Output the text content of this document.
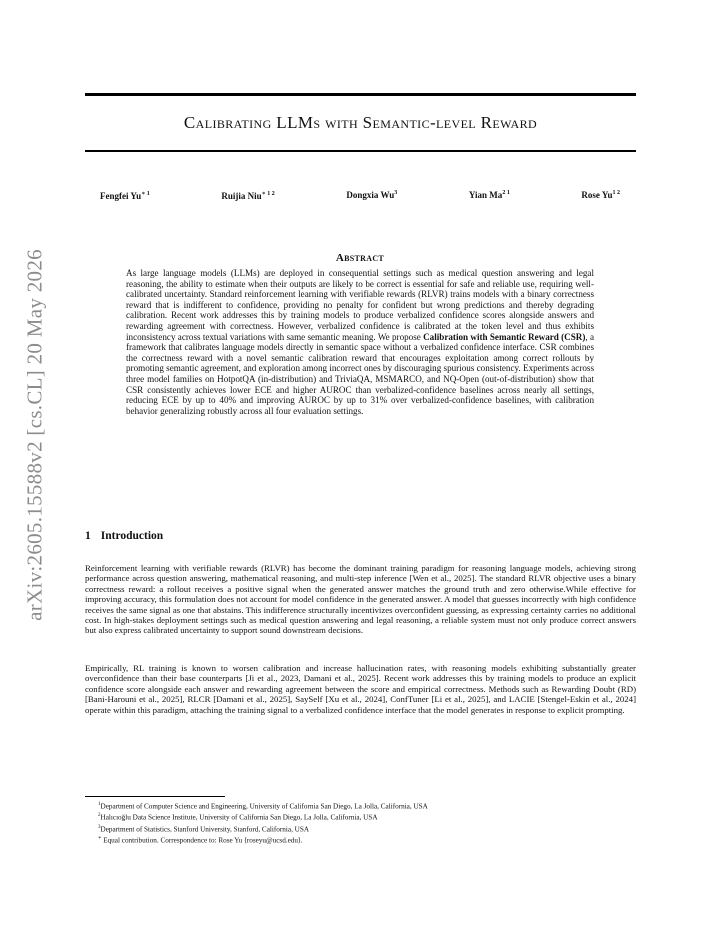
arXiv:2605.15588v2 [cs.CL] 20 May 2026
Calibrating LLMs with Semantic-level Reward
Fengfei $Yu^{∗ 1}$	Ruijia Niu$^{∗ 1 2}$	Dongxia Wu$^3$	Yian $Ma^{2 1}$	Rose $Yu^{1 2}$
Abstract

As large language models (LLMs) are deployed in consequential settings such as medical question answering and legal reasoning, the ability to estimate when their outputs are likely to be correct is essential for safe and reliable use, requiring well-calibrated uncertainty. Standard reinforcement learning with verifiable rewards (RLVR) trains models with a binary correctness reward that is indifferent to confidence, providing no penalty for confident but wrong predictions and thereby degrading calibration. Recent work addresses this by training models to produce verbalized confidence scores alongside answers and rewarding agreement with correctness. However, verbalized confidence is calibrated at the token level and thus exhibits inconsistency across textual variations with same semantic meaning. We propose Calibration with Semantic Reward (CSR), a framework that calibrates language models directly in semantic space without a verbalized confidence interface. CSR combines the correctness reward with a novel semantic calibration reward that encourages exploitation among correct rollouts by promoting semantic agreement, and exploration among incorrect ones by discouraging spurious consistency. Experiments across three model families on HotpotQA (in-distribution) and TriviaQA, MSMARCO, and NQ-Open (out-of-distribution) show that CSR consistently achieves lower ECE and higher AUROC than verbalized-confidence baselines across nearly all settings, reducing ECE by up to 40% and improving AUROC by up to 31% over verbalized-confidence baselines, with calibration behavior generalizing robustly across all four evaluation settings.

1 Introduction

Reinforcement learning with verifiable rewards (RLVR) has become the dominant training paradigm for reasoning language models, achieving strong performance across question answering, mathematical reasoning, and multi-step inference [Wen et al., 2025]. The standard RLVR objective uses a binary correctness reward: a rollout receives a positive signal when the generated answer matches the ground truth and zero otherwise.While effective for improving accuracy, this formulation does not account for model confidence in the generated answer. A model that guesses incorrectly with high confidence receives the same signal as one that abstains. This indifference structurally incentivizes overconfident guessing, as expressing certainty carries no additional cost. In high-stakes deployment settings such as medical question answering and legal reasoning, a reliable system must not only produce correct answers but also express calibrated uncertainty to support sound downstream decisions.

Empirically, RL training is known to worsen calibration and increase hallucination rates, with reasoning models exhibiting substantially greater overconfidence than their base counterparts [Ji et al., 2023, Damani et al., 2025]. Recent work addresses this by training models to produce an explicit confidence score alongside each answer and rewarding agreement between the score and empirical correctness. Methods such as Rewarding Doubt (RD) [Bani-Harouni et al., 2025], RLCR [Damani et al., 2025], SaySelf [Xu et al., 2024], ConfTuner [Li et al., 2025], and LACIE [Stengel-Eskin et al., 2024] operate within this paradigm, attaching the training signal to a verbalized confidence interface that the model generates in response to explicit prompting.

$^1$Department of Computer Science and Engineering, University of California San Diego, La Jolla, California, USA
$^2$Halıcıoğlu Data Science Institute, University of California San Diego, La Jolla, California, USA
$^3$Department of Statistics, Stanford University, Stanford, California, USA
∗ Equal contribution. Correspondence to: Rose Yu ⟨roseyu@ucsd.edu⟩.
